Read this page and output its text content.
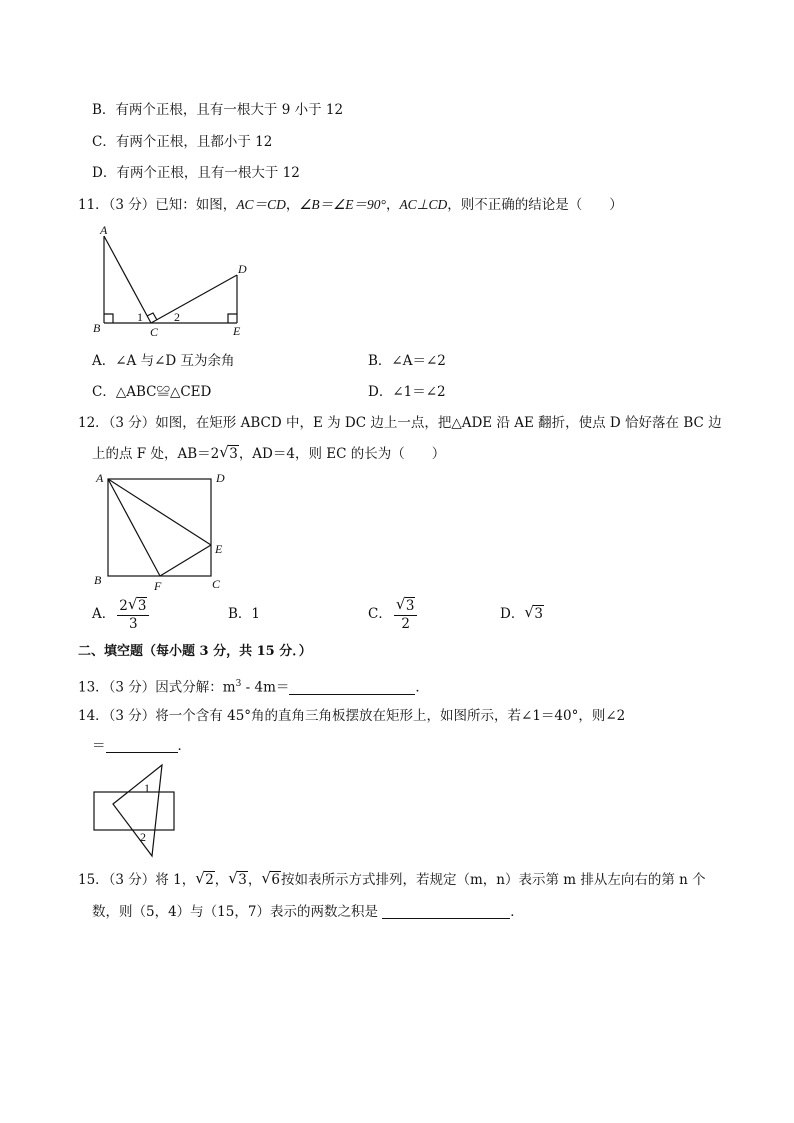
B．有两个正根，且有一根大于 9 小于 12
C．有两个正根，且都小于 12
D．有两个正根，且有一根大于 12
11．（3 分）已知：如图，AC＝CD，∠B＝∠E＝90°，AC⊥CD，则不正确的结论是（　　）
A
B	C
D
E
1	2
A．∠A 与∠D 互为余角	B．∠A＝∠2
C．△ABC≌△CED	D．∠1＝∠2
12．（3 分）如图，在矩形 ABCD 中，E 为 DC 边上一点，把△ADE 沿 AE 翻折，使点 D 恰好落在 BC 边
上的点 F 处，AB＝2 √ 3，AD＝4，则 EC 的长为（　　）
A	D
B	C
E
F
A． $\frac{2 √ 3}{3}$	B．1	C． $\frac{√ 3}{2}$	D． √ 3
二、填空题（每小题 3 分，共 15 分．）
13．（3 分）因式分解：$m^3 - 4m=$	．
14．（3 分）将一个含有 45°角的直角三角板摆放在矩形上，如图所示，若∠1＝40°，则∠2
＝	．
1
2
15．（3 分）将 1， √ 2， √ 3， √ 6按如表所示方式排列，若规定（m，n）表示第 m 排从左向右的第 n 个
数，则（5，4）与（15，7）表示的两数之积是	．
